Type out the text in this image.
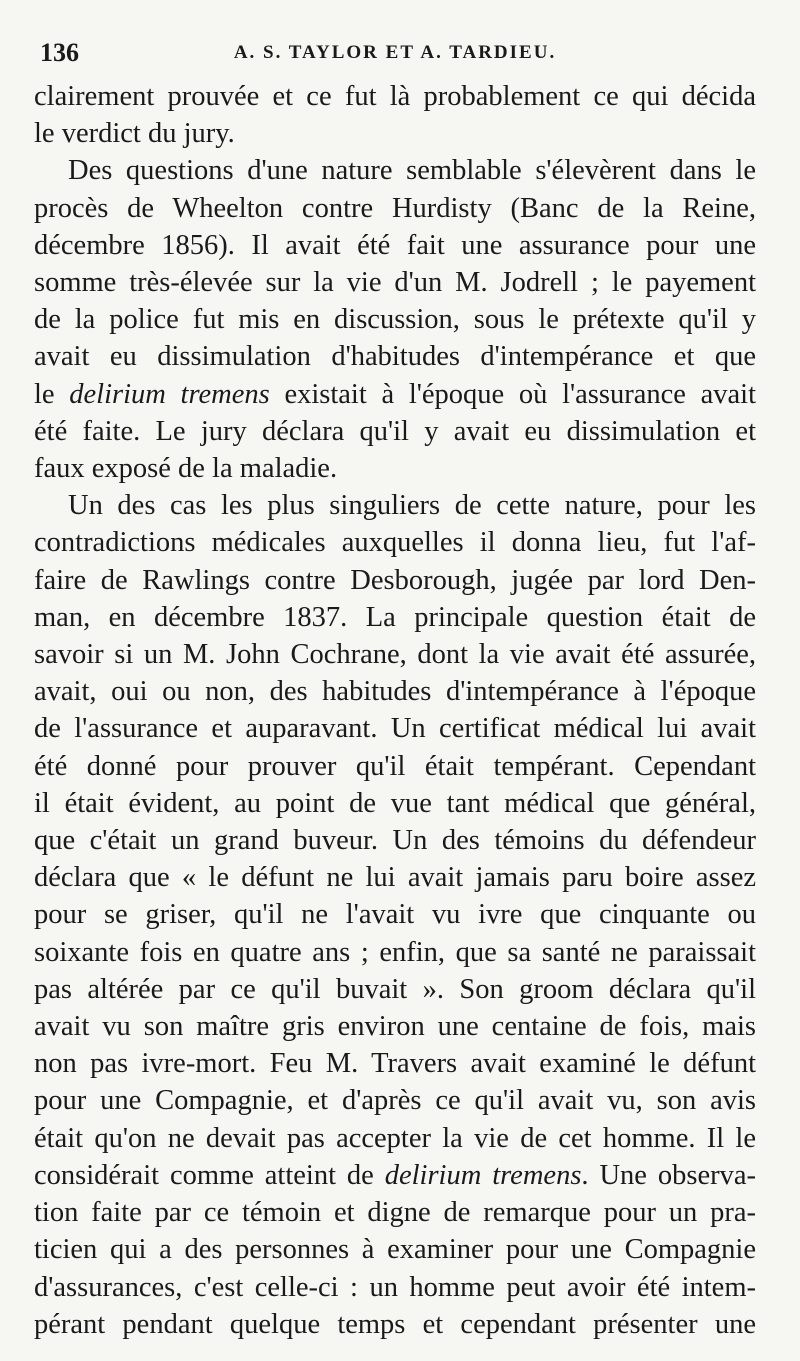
136	A. S. TAYLOR ET A. TARDIEU.

clairement prouvée et ce fut là probablement ce qui décida
le verdict du jury.

Des questions d'une nature semblable s'élevèrent dans le
procès de Wheelton contre Hurdisty (Banc de la Reine,
décembre 1856). Il avait été fait une assurance pour une
somme très-élevée sur la vie d'un M. Jodrell ; le payement
de la police fut mis en discussion, sous le prétexte qu'il y
avait eu dissimulation d'habitudes d'intempérance et que
le delirium tremens existait à l'époque où l'assurance avait
été faite. Le jury déclara qu'il y avait eu dissimulation et
faux exposé de la maladie.

Un des cas les plus singuliers de cette nature, pour les
contradictions médicales auxquelles il donna lieu, fut l'af-
faire de Rawlings contre Desborough, jugée par lord Den-
man, en décembre 1837. La principale question était de
savoir si un M. John Cochrane, dont la vie avait été assurée,
avait, oui ou non, des habitudes d'intempérance à l'époque
de l'assurance et auparavant. Un certificat médical lui avait
été donné pour prouver qu'il était tempérant. Cependant
il était évident, au point de vue tant médical que général,
que c'était un grand buveur. Un des témoins du défendeur
déclara que « le défunt ne lui avait jamais paru boire assez
pour se griser, qu'il ne l'avait vu ivre que cinquante ou
soixante fois en quatre ans ; enfin, que sa santé ne paraissait
pas altérée par ce qu'il buvait ». Son groom déclara qu'il
avait vu son maître gris environ une centaine de fois, mais
non pas ivre-mort. Feu M. Travers avait examiné le défunt
pour une Compagnie, et d'après ce qu'il avait vu, son avis
était qu'on ne devait pas accepter la vie de cet homme. Il le
considérait comme atteint de delirium tremens. Une observa-
tion faite par ce témoin et digne de remarque pour un pra-
ticien qui a des personnes à examiner pour une Compagnie
d'assurances, c'est celle-ci : un homme peut avoir été intem-
pérant pendant quelque temps et cependant présenter une
